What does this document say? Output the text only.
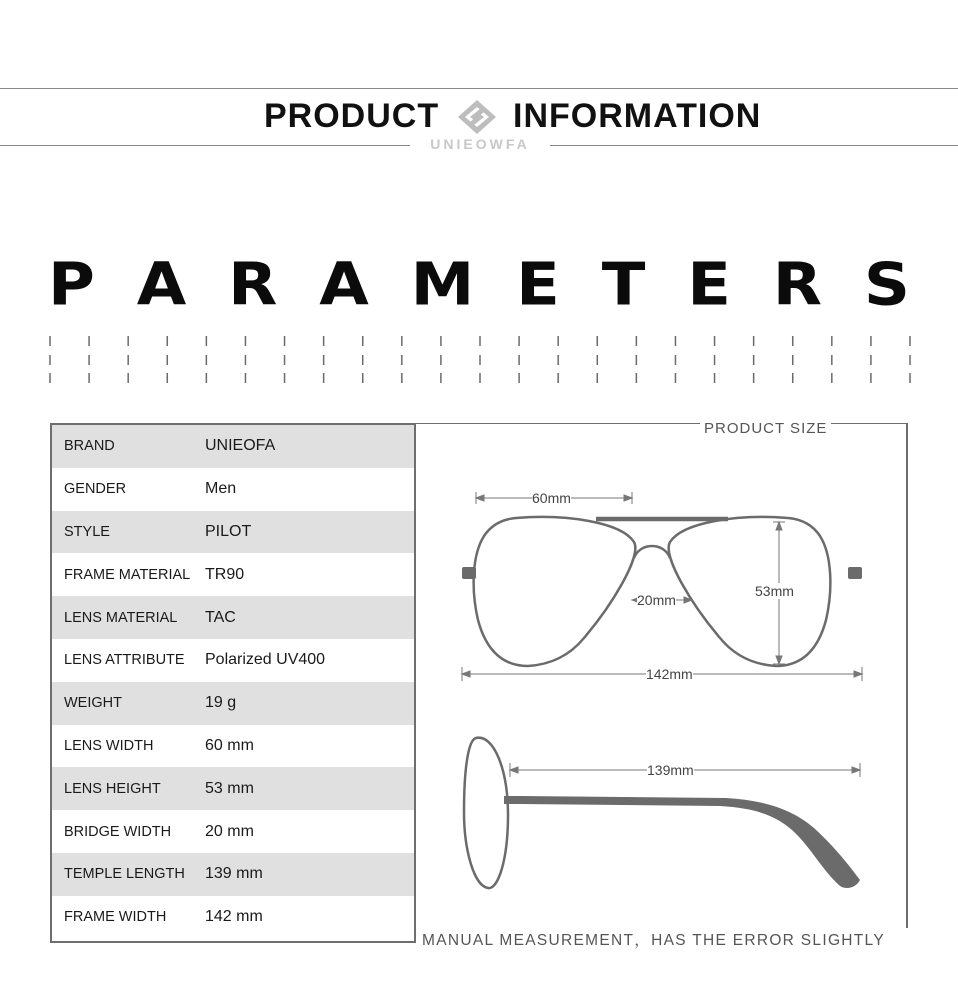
PRODUCT INFORMATION
UNIEOWFA
P A R A M E T E R S
BRAND	UNIEOFA
GENDER	Men
STYLE	PILOT
FRAME MATERIAL TR90
LENS MATERIAL	TAC
LENS ATTRIBUTE	Polarized UV400
WEIGHT	19 g
LENS WIDTH	60 mm
LENS HEIGHT	53 mm
BRIDGE WIDTH	20 mm
TEMPLE LENGTH	139 mm
FRAME WIDTH	142 mm
PRODUCT SIZE
60mm
53mm
20mm
142mm
139mm
MANUAL MEASUREMENT，HAS THE ERROR SLIGHTLY
